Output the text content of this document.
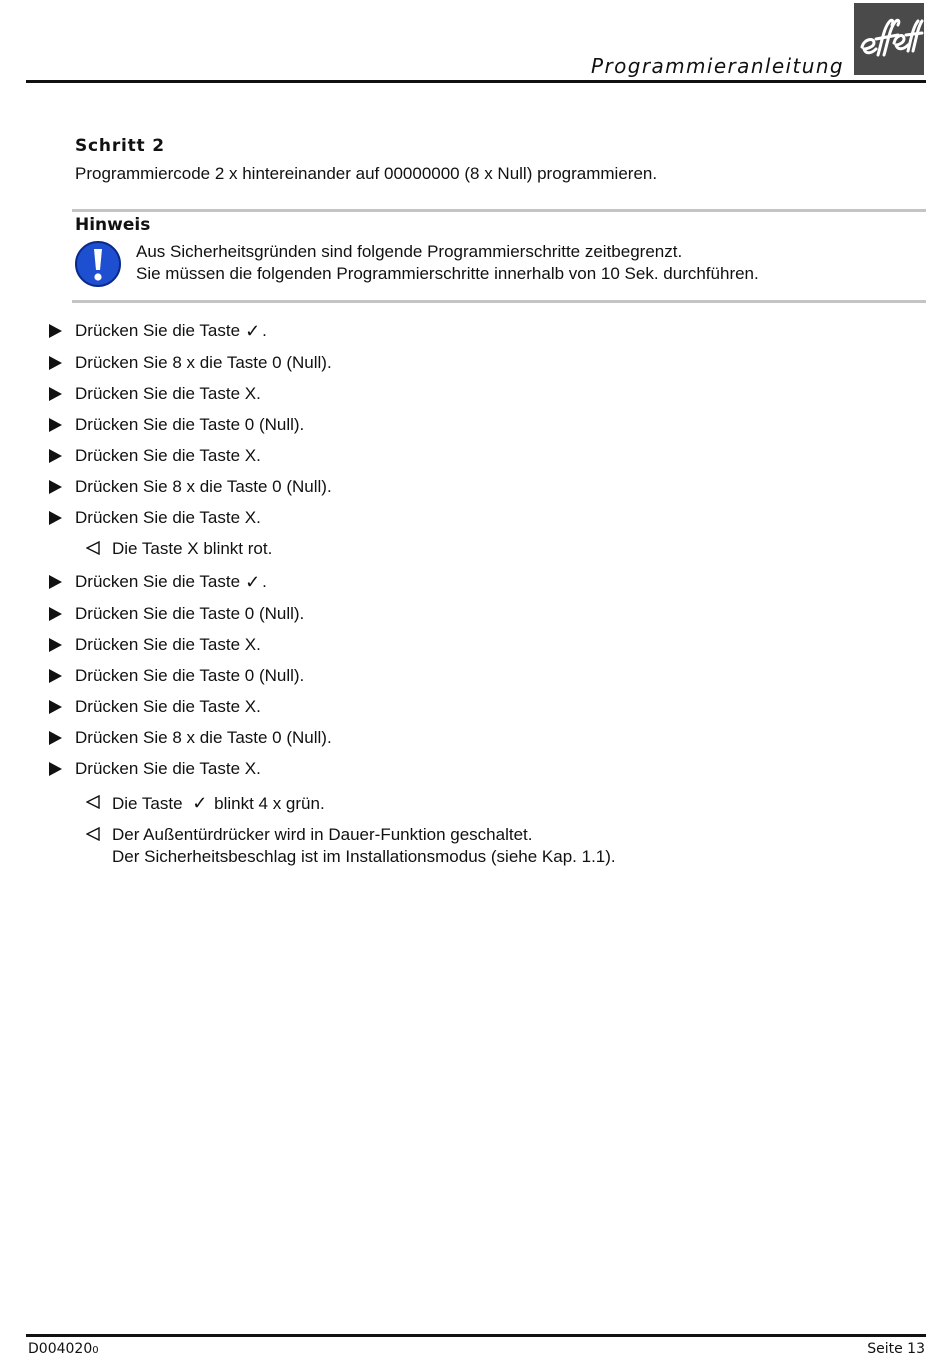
Programmieranleitung
Schritt 2
Programmiercode 2 x hintereinander auf 00000000 (8 x Null) programmieren.
Hinweis
Aus Sicherheitsgründen sind folgende Programmierschritte zeitbegrenzt.
Sie müssen die folgenden Programmierschritte innerhalb von 10 Sek. durchführen.
Drücken Sie die Taste ✓ .
Drücken Sie 8 x die Taste 0 (Null).
Drücken Sie die Taste X.
Drücken Sie die Taste 0 (Null).
Drücken Sie die Taste X.
Drücken Sie 8 x die Taste 0 (Null).
Drücken Sie die Taste X.
Die Taste X blinkt rot.
Drücken Sie die Taste ✓ .
Drücken Sie die Taste 0 (Null).
Drücken Sie die Taste X.
Drücken Sie die Taste 0 (Null).
Drücken Sie die Taste X.
Drücken Sie 8 x die Taste 0 (Null).
Drücken Sie die Taste X.
Die Taste ✓ blinkt 4 x grün.
Der Außentürdrücker wird in Dauer-Funktion geschaltet.
Der Sicherheitsbeschlag ist im Installationsmodus (siehe Kap. 1.1).
D0040200	Seite 13
